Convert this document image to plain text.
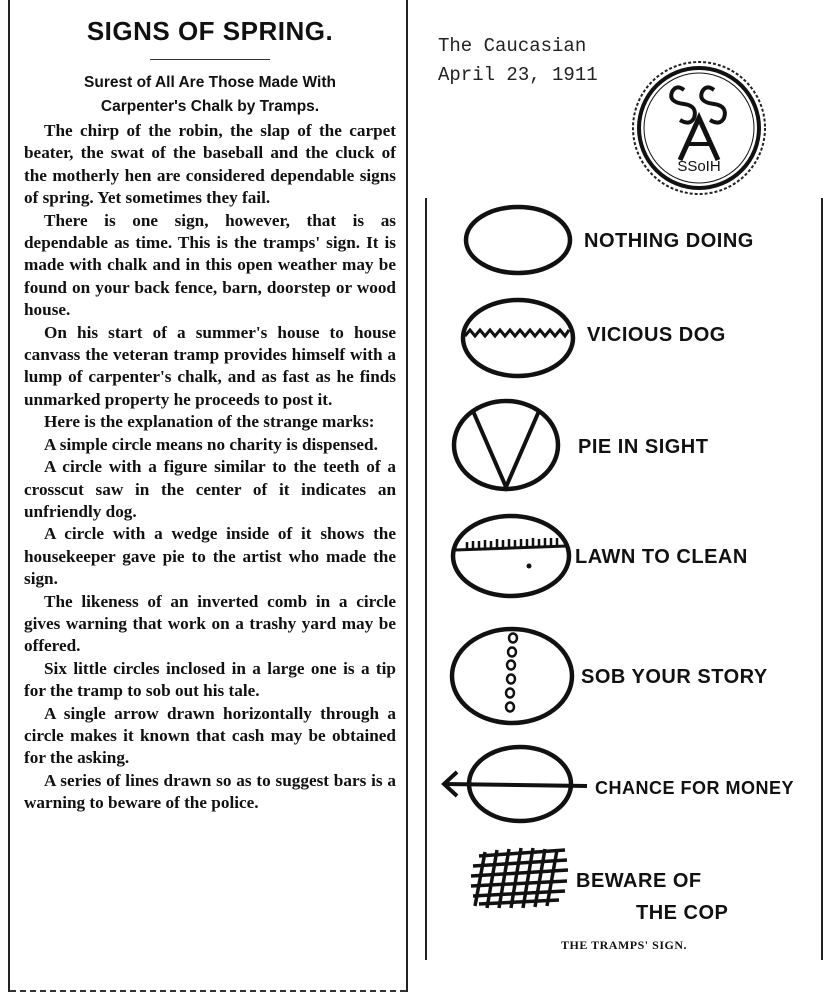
SIGNS OF SPRING.
Surest of All Are Those Made With
Carpenter's Chalk by Tramps.

The chirp of the robin, the slap of the carpet beater, the swat of the baseball and the cluck of the motherly hen are considered dependable signs of spring. Yet sometimes they fail.

There is one sign, however, that is as dependable as time. This is the tramps' sign. It is made with chalk and in this open weather may be found on your back fence, barn, doorstep or wood house.

On his start of a summer's house to house canvass the veteran tramp provides himself with a lump of carpenter's chalk, and as fast as he finds unmarked property he proceeds to post it.

Here is the explanation of the strange marks:

A simple circle means no charity is dispensed.

A circle with a figure similar to the teeth of a crosscut saw in the center of it indicates an unfriendly dog.

A circle with a wedge inside of it shows the housekeeper gave pie to the artist who made the sign.

The likeness of an inverted comb in a circle gives warning that work on a trashy yard may be offered.

Six little circles inclosed in a large one is a tip for the tramp to sob out his tale.

A single arrow drawn horizontally through a circle makes it known that cash may be obtained for the asking.

A series of lines drawn so as to suggest bars is a warning to beware of the police.

The Caucasian
April 23, 1911
SSoIH
NOTHING DOING
VICIOUS DOG
PIE IN SIGHT
LAWN TO CLEAN
SOB YOUR STORY
CHANCE FOR MONEY
BEWARE OF
THE COP
THE TRAMPS' SIGN.
